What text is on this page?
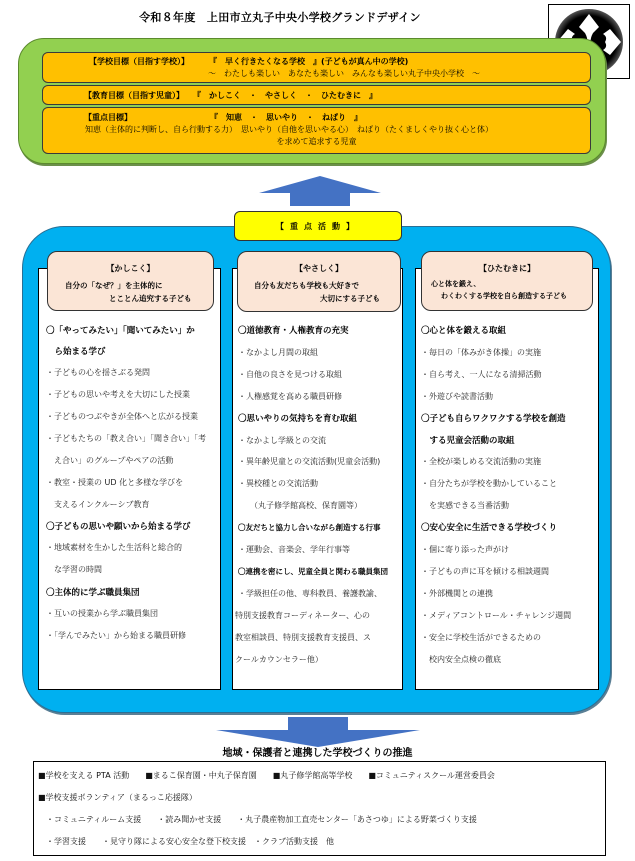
令和８年度　上田市立丸子中央小学校グランドデザイン
【学校目標（目指す学校）】	『　早く行きたくなる学校　』(子どもが真ん中の学校)
～　わたしも楽しい　あなたも楽しい　みんなも楽しい丸子中央小学校　～
【教育目標（目指す児童）】 『　かしこく　・　やさしく　・　ひたむきに　』
【重点目標】	『　知恵　・　思いやり　・　ねばり　』
知恵（主体的に判断し、自ら行動する力）　思いやり（自他を思いやる心）　ねばり（たくましくやり抜く心と体）
を求めて追求する児童
【重点活動】
〇「やってみたい」「聞いてみたい」か
　ら始まる学び
・子どもの心を揺さぶる発問
・子どもの思いや考えを大切にした授業
・子どものつぶやきが全体へと広がる授業
・子どもたちの「教え合い」「聞き合い」「考
　え合い」のグループやペアの活動
・教室・授業の UD 化と多様な学びを
　支えるインクルーシブ教育
〇子どもの思いや願いから始まる学び
・地域素材を生かした生活科と総合的
　な学習の時間
〇主体的に学ぶ職員集団
・互いの授業から学ぶ職員集団
・「学んでみたい」から始まる職員研修
【かしこく】
自分の「なぜ？」を主体的に
とことん追究する子ども
〇道徳教育・人権教育の充実
・なかよし月間の取組
・自他の良さを見つける取組
・人権感覚を高める職員研修
〇思いやりの気持ちを育む取組
・なかよし学級との交流
・異年齢児童との交流活動(児童会活動)
・異校種との交流活動
　　（丸子修学館高校、保育園等）
〇友だちと協力し合いながら創造する行事
・運動会、音楽会、学年行事等
〇連携を密にし、児童全員と関わる職員集団
・学級担任の他、専科教員、養護教諭、
特別支援教育コーディネーター、心の
教室相談員、特別支援教育支援員、ス
クールカウンセラー他）
【やさしく】
自分も友だちも学校も大好きで
大切にする子ども
〇心と体を鍛える取組
・毎日の「体みがき体操」の実施
・自ら考え、一人になる清掃活動
・外遊びや読書活動
〇子ども自らワクワクする学校を創造
　する児童会活動の取組
・全校が楽しめる交流活動の実施
・自分たちが学校を動かしていること
　を実感できる当番活動
〇安心安全に生活できる学校づくり
・個に寄り添った声がけ
・子どもの声に耳を傾ける相談週間
・外部機関との連携
・メディアコントロール・チャレンジ週間
・安全に学校生活ができるための
　校内安全点検の徹底
【ひたむきに】
心と体を鍛え、
わくわくする学校を自ら創造する子ども
地域・保護者と連携した学校づくりの推進
■学校を支える PTA 活動　　■まるこ保育園・中丸子保育園　　■丸子修学館高等学校　　■コミュニティスクール運営委員会
■学校支援ボランティア（まるっこ応援隊）
　・コミュニティルーム支援　　・読み聞かせ支援　　・丸子農産物加工直売センター「あさつゆ」による野菜づくり支援
　・学習支援　　・見守り隊による安心安全な登下校支援　・クラブ活動支援　他
